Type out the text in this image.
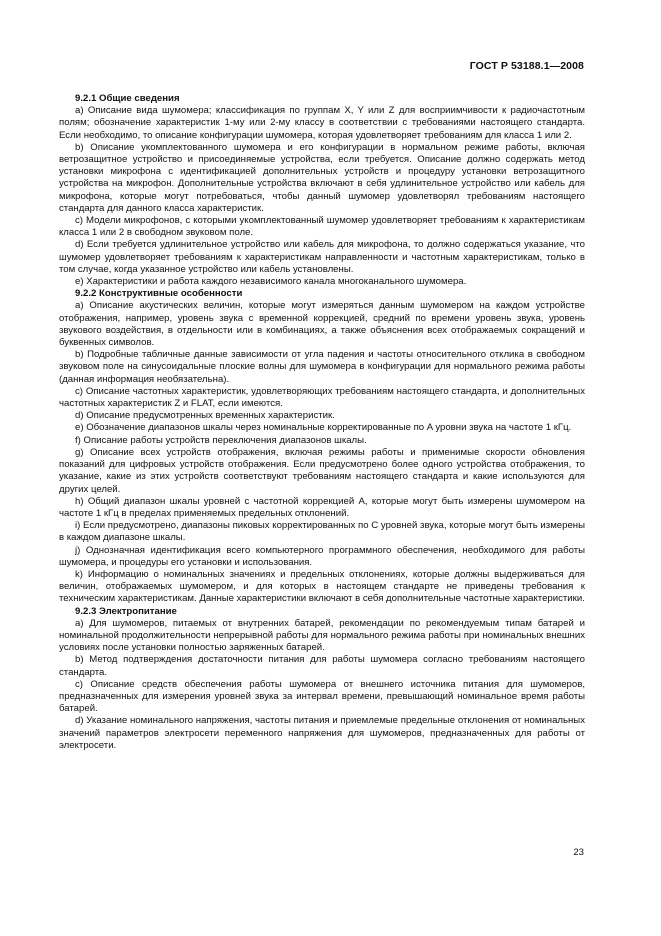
ГОСТ Р 53188.1—2008

9.2.1 Общие сведения

a) Описание вида шумомера; классификация по группам X, Y или Z для восприимчивости к радиочастотным полям; обозначение характеристик 1-му или 2-му классу в соответствии с требованиями настоящего стандарта. Если необходимо, то описание конфигурации шумомера, которая удовлетворяет требованиям для класса 1 или 2.

b) Описание укомплектованного шумомера и его конфигурации в нормальном режиме работы, включая ветрозащитное устройство и присоединяемые устройства, если требуется. Описание должно содержать метод установки микрофона с идентификацией дополнительных устройств и процедуру установки ветрозащитного устройства на микрофон. Дополнительные устройства включают в себя удлинительное устройство или кабель для микрофона, которые могут потребоваться, чтобы данный шумомер удовлетворял требованиям настоящего стандарта для данного класса характеристик.

c) Модели микрофонов, с которыми укомплектованный шумомер удовлетворяет требованиям к характеристикам класса 1 или 2 в свободном звуковом поле.

d) Если требуется удлинительное устройство или кабель для микрофона, то должно содержаться указание, что шумомер удовлетворяет требованиям к характеристикам направленности и частотным характеристикам, только в том случае, когда указанное устройство или кабель установлены.

e) Характеристики и работа каждого независимого канала многоканального шумомера.

9.2.2 Конструктивные особенности

a) Описание акустических величин, которые могут измеряться данным шумомером на каждом устройстве отображения, например, уровень звука с временной коррекцией, средний по времени уровень звука, уровень звукового воздействия, в отдельности или в комбинациях, а также объяснения всех отображаемых сокращений и буквенных символов.

b) Подробные табличные данные зависимости от угла падения и частоты относительного отклика в свободном звуковом поле на синусоидальные плоские волны для шумомера в конфигурации для нормального режима работы (данная информация необязательна).

c) Описание частотных характеристик, удовлетворяющих требованиям настоящего стандарта, и дополнительных частотных характеристик Z и FLAT, если имеются.

d) Описание предусмотренных временных характеристик.

e) Обозначение диапазонов шкалы через номинальные корректированные по A уровни звука на частоте 1 кГц.

f) Описание работы устройств переключения диапазонов шкалы.

g) Описание всех устройств отображения, включая режимы работы и применимые скорости обновления показаний для цифровых устройств отображения. Если предусмотрено более одного устройства отображения, то указание, какие из этих устройств соответствуют требованиям настоящего стандарта и какие используются для других целей.

h) Общий диапазон шкалы уровней с частотной коррекцией A, которые могут быть измерены шумомером на частоте 1 кГц в пределах применяемых предельных отклонений.

i) Если предусмотрено, диапазоны пиковых корректированных по C уровней звука, которые могут быть измерены в каждом диапазоне шкалы.

j) Однозначная идентификация всего компьютерного программного обеспечения, необходимого для работы шумомера, и процедуры его установки и использования.

k) Информацию о номинальных значениях и предельных отклонениях, которые должны выдерживаться для величин, отображаемых шумомером, и для которых в настоящем стандарте не приведены требования к техническим характеристикам. Данные характеристики включают в себя дополнительные частотные характеристики.

9.2.3 Электропитание

a) Для шумомеров, питаемых от внутренних батарей, рекомендации по рекомендуемым типам батарей и номинальной продолжительности непрерывной работы для нормального режима работы при номинальных внешних условиях после установки полностью заряженных батарей.

b) Метод подтверждения достаточности питания для работы шумомера согласно требованиям настоящего стандарта.

c) Описание средств обеспечения работы шумомера от внешнего источника питания для шумомеров, предназначенных для измерения уровней звука за интервал времени, превышающий номинальное время работы батарей.

d) Указание номинального напряжения, частоты питания и приемлемые предельные отклонения от номинальных значений параметров электросети переменного напряжения для шумомеров, предназначенных для работы от электросети.

23
